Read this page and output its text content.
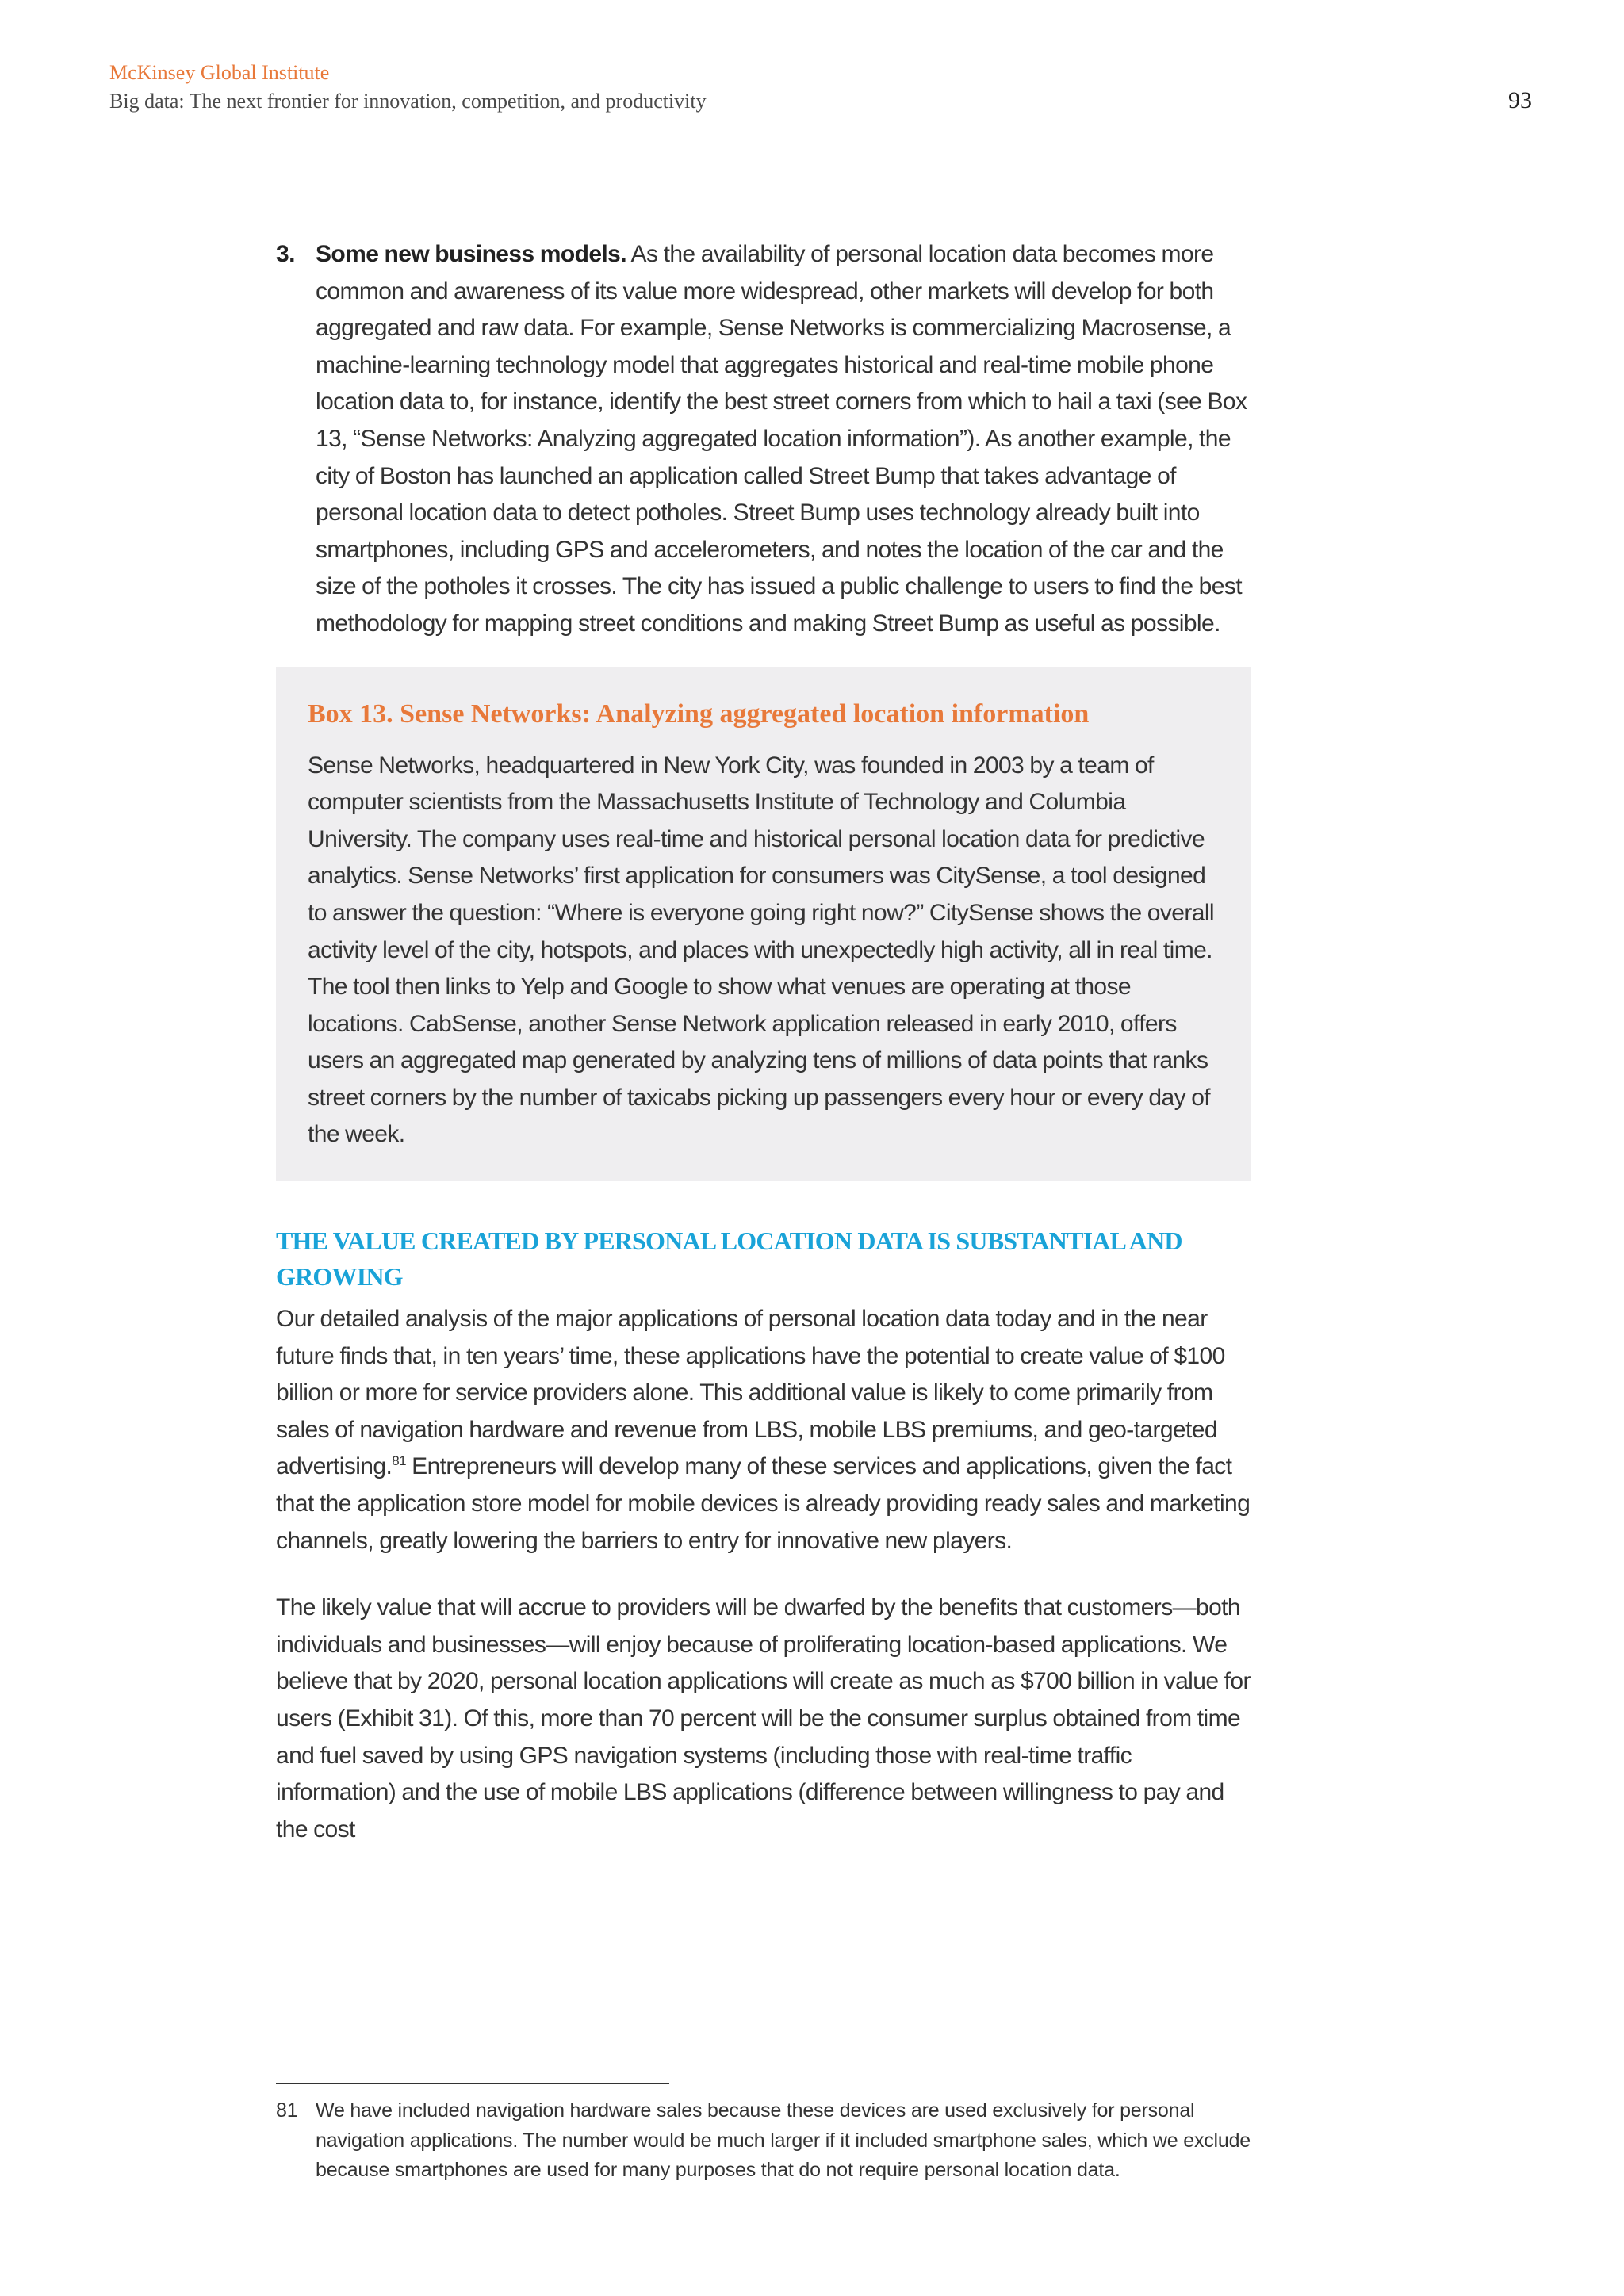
McKinsey Global Institute
Big data: The next frontier for innovation, competition, and productivity	93
3. Some new business models. As the availability of personal location data becomes more common and awareness of its value more widespread, other markets will develop for both aggregated and raw data. For example, Sense Networks is commercializing Macrosense, a machine-learning technology model that aggregates historical and real-time mobile phone location data to, for instance, identify the best street corners from which to hail a taxi (see Box 13, “Sense Networks: Analyzing aggregated location information”). As another example, the city of Boston has launched an application called Street Bump that takes advantage of personal location data to detect potholes. Street Bump uses technology already built into smartphones, including GPS and accelerometers, and notes the location of the car and the size of the potholes it crosses. The city has issued a public challenge to users to find the best methodology for mapping street conditions and making Street Bump as useful as possible.
Box 13. Sense Networks: Analyzing aggregated location information
Sense Networks, headquartered in New York City, was founded in 2003 by a team of computer scientists from the Massachusetts Institute of Technology and Columbia University. The company uses real-time and historical personal location data for predictive analytics. Sense Networks’ first application for consumers was CitySense, a tool designed to answer the question: “Where is everyone going right now?” CitySense shows the overall activity level of the city, hotspots, and places with unexpectedly high activity, all in real time. The tool then links to Yelp and Google to show what venues are operating at those locations. CabSense, another Sense Network application released in early 2010, offers users an aggregated map generated by analyzing tens of millions of data points that ranks street corners by the number of taxicabs picking up passengers every hour or every day of the week.
THE VALUE CREATED BY PERSONAL LOCATION DATA IS SUBSTANTIAL AND GROWING
Our detailed analysis of the major applications of personal location data today and in the near future finds that, in ten years’ time, these applications have the potential to create value of $100 billion or more for service providers alone. This additional value is likely to come primarily from sales of navigation hardware and revenue from LBS, mobile LBS premiums, and geo-targeted advertising.$^{81}$ Entrepreneurs will develop many of these services and applications, given the fact that the application store model for mobile devices is already providing ready sales and marketing channels, greatly lowering the barriers to entry for innovative new players.
The likely value that will accrue to providers will be dwarfed by the benefits that customers—both individuals and businesses—will enjoy because of proliferating location-based applications. We believe that by 2020, personal location applications will create as much as $700 billion in value for users (Exhibit 31). Of this, more than 70 percent will be the consumer surplus obtained from time and fuel saved by using GPS navigation systems (including those with real-time traffic information) and the use of mobile LBS applications (difference between willingness to pay and the cost
81 We have included navigation hardware sales because these devices are used exclusively for personal navigation applications. The number would be much larger if it included smartphone sales, which we exclude because smartphones are used for many purposes that do not require personal location data.
